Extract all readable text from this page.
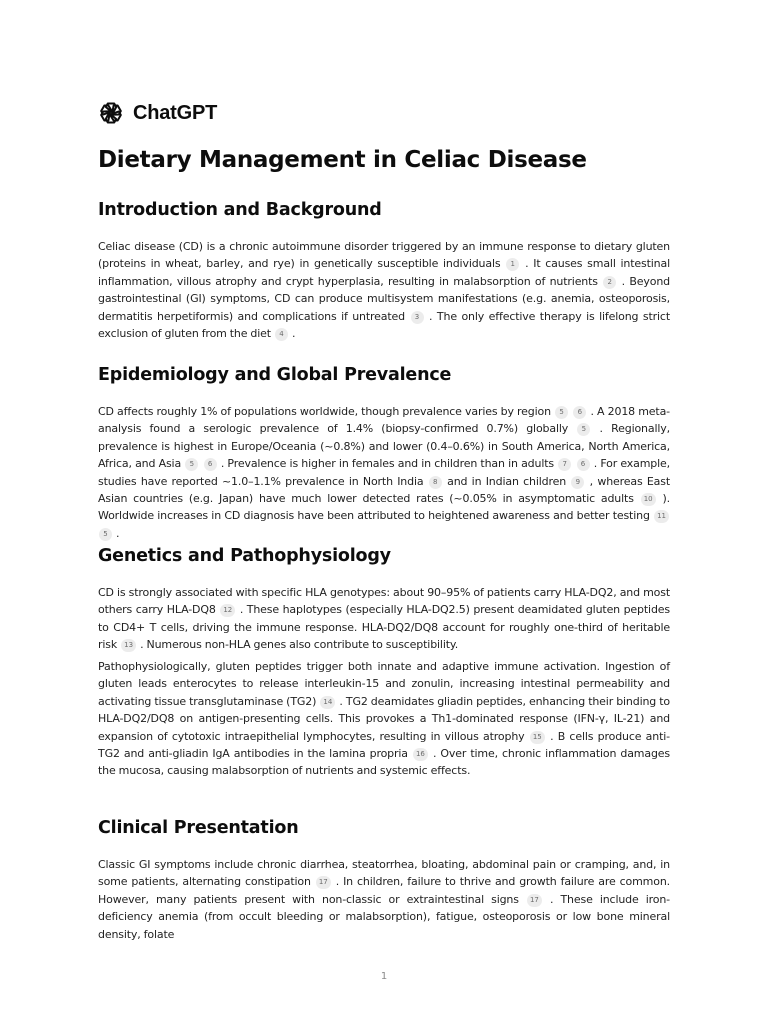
ChatGPT
Dietary Management in Celiac Disease
Introduction and Background

Celiac disease (CD) is a chronic autoimmune disorder triggered by an immune response to dietary gluten (proteins in wheat, barley, and rye) in genetically susceptible individuals 1 . It causes small intestinal inflammation, villous atrophy and crypt hyperplasia, resulting in malabsorption of nutrients 2 . Beyond gastrointestinal (GI) symptoms, CD can produce multisystem manifestations (e.g. anemia, osteoporosis, dermatitis herpetiformis) and complications if untreated 3 . The only effective therapy is lifelong strict exclusion of gluten from the diet 4 .

Epidemiology and Global Prevalence

CD affects roughly 1% of populations worldwide, though prevalence varies by region 5 6 . A 2018 meta-analysis found a serologic prevalence of 1.4% (biopsy-confirmed 0.7%) globally 5 . Regionally, prevalence is highest in Europe/Oceania (~0.8%) and lower (0.4–0.6%) in South America, North America, Africa, and Asia 5 6 . Prevalence is higher in females and in children than in adults 7 6 . For example, studies have reported ~1.0–1.1% prevalence in North India 8 and in Indian children 9 , whereas East Asian countries (e.g. Japan) have much lower detected rates (~0.05% in asymptomatic adults 10 ). Worldwide increases in CD diagnosis have been attributed to heightened awareness and better testing 11 5 .

Genetics and Pathophysiology

CD is strongly associated with specific HLA genotypes: about 90–95% of patients carry HLA-DQ2, and most others carry HLA-DQ8 12 . These haplotypes (especially HLA-DQ2.5) present deamidated gluten peptides to CD4+ T cells, driving the immune response. HLA-DQ2/DQ8 account for roughly one-third of heritable risk 13 . Numerous non-HLA genes also contribute to susceptibility.

Pathophysiologically, gluten peptides trigger both innate and adaptive immune activation. Ingestion of gluten leads enterocytes to release interleukin-15 and zonulin, increasing intestinal permeability and activating tissue transglutaminase (TG2) 14 . TG2 deamidates gliadin peptides, enhancing their binding to HLA-DQ2/DQ8 on antigen-presenting cells. This provokes a Th1-dominated response (IFN-γ, IL-21) and expansion of cytotoxic intraepithelial lymphocytes, resulting in villous atrophy 15 . B cells produce anti-TG2 and anti-gliadin IgA antibodies in the lamina propria 16 . Over time, chronic inflammation damages the mucosa, causing malabsorption of nutrients and systemic effects.

Clinical Presentation

Classic GI symptoms include chronic diarrhea, steatorrhea, bloating, abdominal pain or cramping, and, in some patients, alternating constipation 17 . In children, failure to thrive and growth failure are common. However, many patients present with non-classic or extraintestinal signs 17 . These include iron-deficiency anemia (from occult bleeding or malabsorption), fatigue, osteoporosis or low bone mineral density, folate

1
